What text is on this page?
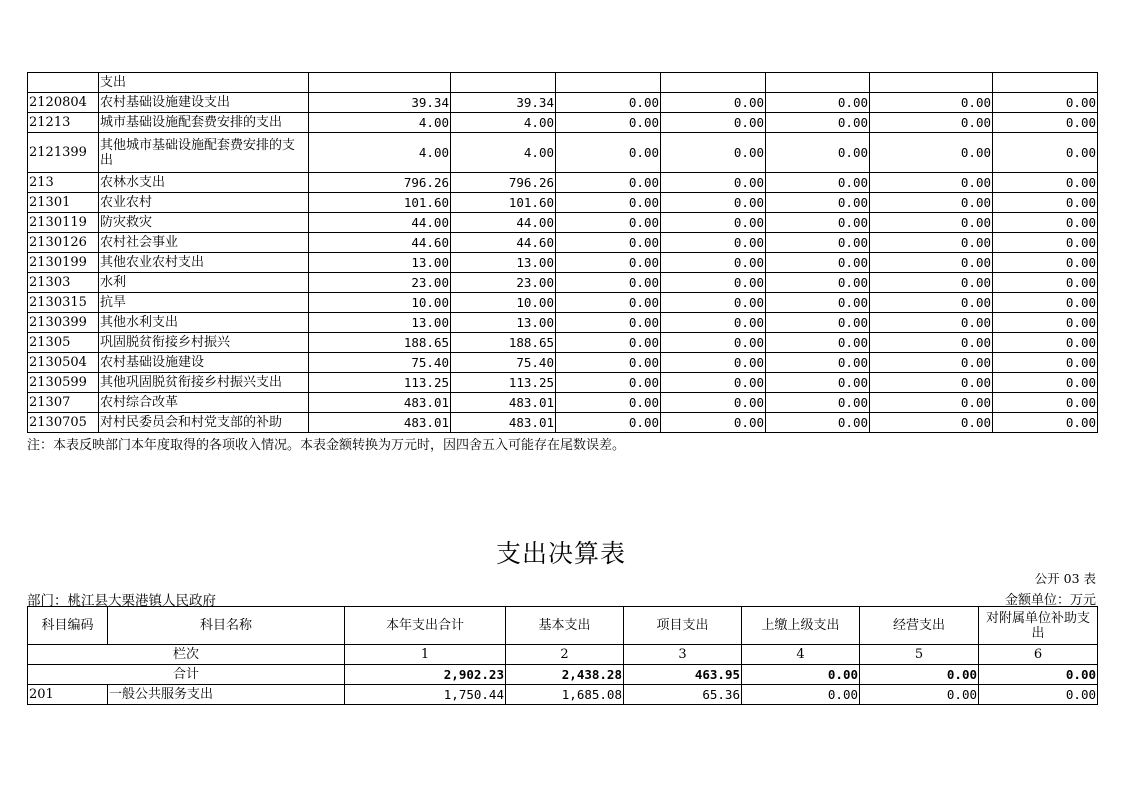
	支出							
2120804	农村基础设施建设支出	39.34	39.34	0.00	0.00	0.00	0.00	0.00
21213	城市基础设施配套费安排的支出	4.00	4.00	0.00	0.00	0.00	0.00	0.00
2121399	其他城市基础设施配套费安排的支出	4.00	4.00	0.00	0.00	0.00	0.00	0.00
213	农林水支出	796.26	796.26	0.00	0.00	0.00	0.00	0.00
21301	农业农村	101.60	101.60	0.00	0.00	0.00	0.00	0.00
2130119	防灾救灾	44.00	44.00	0.00	0.00	0.00	0.00	0.00
2130126	农村社会事业	44.60	44.60	0.00	0.00	0.00	0.00	0.00
2130199	其他农业农村支出	13.00	13.00	0.00	0.00	0.00	0.00	0.00
21303	水利	23.00	23.00	0.00	0.00	0.00	0.00	0.00
2130315	抗旱	10.00	10.00	0.00	0.00	0.00	0.00	0.00
2130399	其他水利支出	13.00	13.00	0.00	0.00	0.00	0.00	0.00
21305	巩固脱贫衔接乡村振兴	188.65	188.65	0.00	0.00	0.00	0.00	0.00
2130504	农村基础设施建设	75.40	75.40	0.00	0.00	0.00	0.00	0.00
2130599	其他巩固脱贫衔接乡村振兴支出	113.25	113.25	0.00	0.00	0.00	0.00	0.00
21307	农村综合改革	483.01	483.01	0.00	0.00	0.00	0.00	0.00
2130705	对村民委员会和村党支部的补助	483.01	483.01	0.00	0.00	0.00	0.00	0.00
注：本表反映部门本年度取得的各项收入情况。本表金额转换为万元时，因四舍五入可能存在尾数误差。
支出决算表
公开 03 表
部门：桃江县大栗港镇人民政府	金额单位：万元
科目编码	科目名称	本年支出合计	基本支出	项目支出	上缴上级支出	经营支出	对附属单位补助支出
栏次		1	2	3	4	5	6
合计		2,902.23	2,438.28	463.95	0.00	0.00	0.00
201	一般公共服务支出	1,750.44	1,685.08	65.36	0.00	0.00	0.00
